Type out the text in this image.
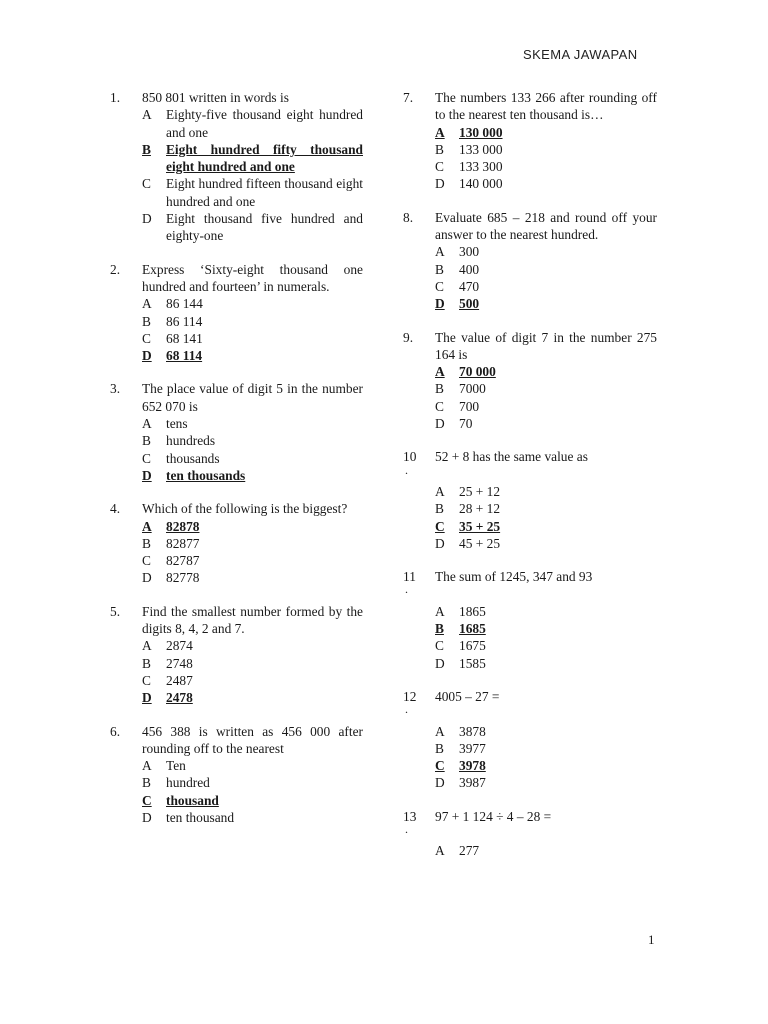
SKEMA JAWAPAN
1.	850 801 written in words is
A	Eighty-five thousand eight hundred and one
B	Eight hundred fifty thousand eight hundred and one
C	Eight hundred fifteen thousand eight hundred and one
D	Eight thousand five hundred and eighty-one
2.	Express ‘Sixty-eight thousand one hundred and fourteen’ in numerals.
A	86 144
B	86 114
C	68 141
D	68 114
3.	The place value of digit 5 in the number 652 070 is
A	tens
B	hundreds
C	thousands
D	ten thousands
4.	Which of the following is the biggest?
A	82878
B	82877
C	82787
D	82778
5.	Find the smallest number formed by the digits 8, 4, 2 and 7.
A	2874
B	2748
C	2487
D	2478
6.	456 388 is written as 456 000 after rounding off to the nearest
A	Ten
B	hundred
C	thousand
D	ten thousand
7.	The numbers 133 266 after rounding off to the nearest ten thousand is…
A	130 000
B	133 000
C	133 300
D	140 000
8.	Evaluate 685 – 218 and round off your answer to the nearest hundred.
A	300
B	400
C	470
D	500
9.	The value of digit 7 in the number 275 164 is
A	70 000
B	7000
C	700
D	70
10	52 + 8 has the same value as
.
A	25 + 12
B	28 + 12
C	35 + 25
D	45 + 25
11	The sum of 1245, 347 and 93
.
A	1865
B	1685
C	1675
D	1585
12	4005 – 27 =
.
A	3878
B	3977
C	3978
D	3987
13	97 + 1 124 ÷ 4 – 28 =
.
A	277
1
